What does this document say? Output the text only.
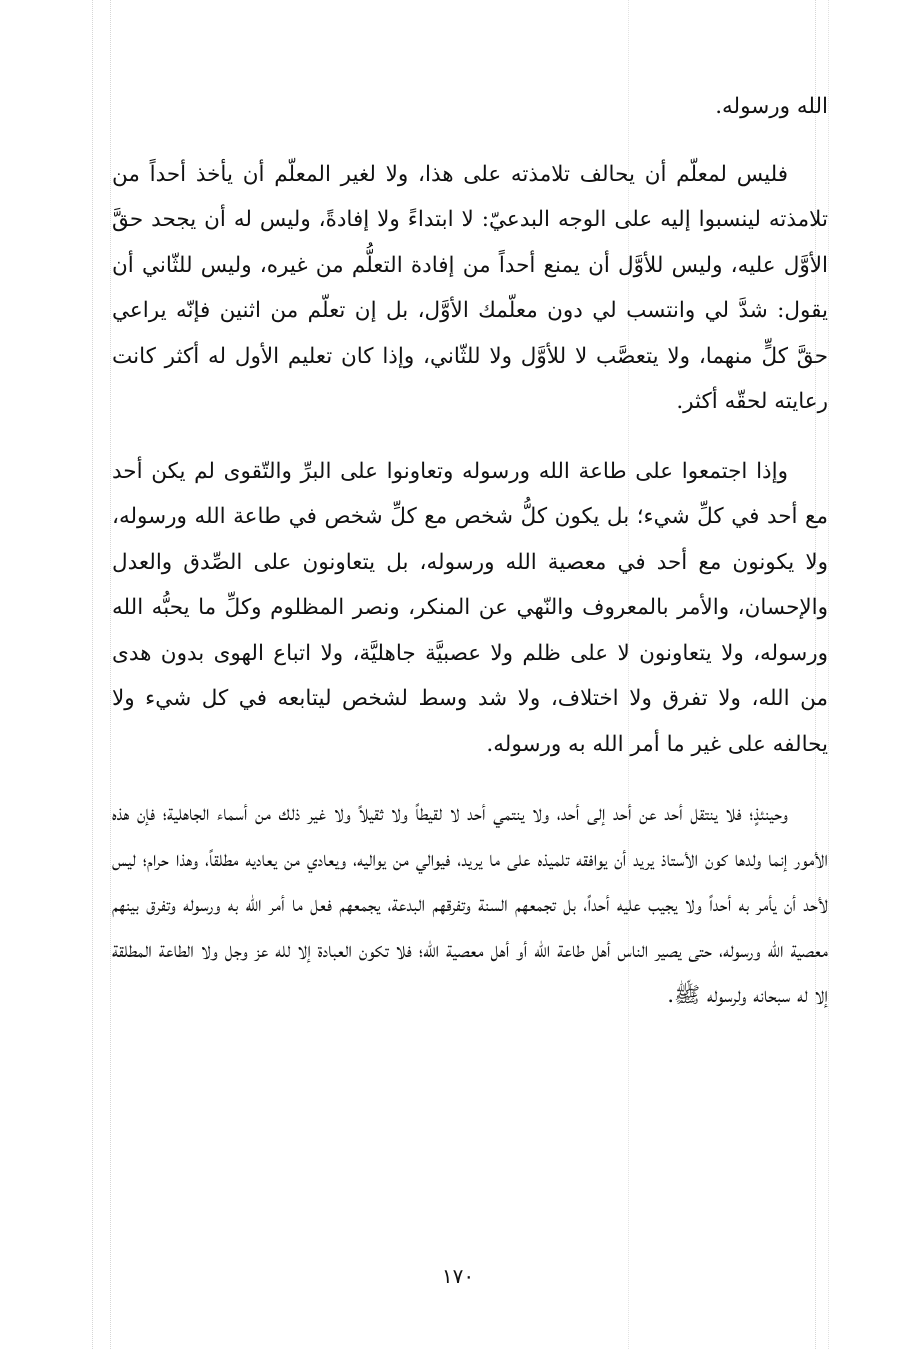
الله ورسوله.

فليس لمعلّم أن يحالف تلامذته على هذا، ولا لغير المعلّم أن يأخذ أحداً من تلامذته لينسبوا إليه على الوجه البدعيّ: لا ابتداءً ولا إفادةً، وليس له أن يجحد حقَّ الأوَّل عليه، وليس للأوَّل أن يمنع أحداً من إفادة التعلُّم من غيره، وليس للثّاني أن يقول: شدَّ لي وانتسب لي دون معلّمك الأوَّل، بل إن تعلّم من اثنين فإنّه يراعي حقَّ كلٍّ منهما، ولا يتعصَّب لا للأوَّل ولا للثّاني، وإذا كان تعليم الأول له أكثر كانت رعايته لحقّه أكثر.

وإذا اجتمعوا على طاعة الله ورسوله وتعاونوا على البرِّ والتّقوى لم يكن أحد مع أحد في كلِّ شيء؛ بل يكون كلُّ شخص مع كلِّ شخص في طاعة الله ورسوله، ولا يكونون مع أحد في معصية الله ورسوله، بل يتعاونون على الصِّدق والعدل والإحسان، والأمر بالمعروف والنّهي عن المنكر، ونصر المظلوم وكلِّ ما يحبُّه الله ورسوله، ولا يتعاونون لا على ظلم ولا عصبيَّة جاهليَّة، ولا اتباع الهوى بدون هدى من الله، ولا تفرق ولا اختلاف، ولا شد وسط لشخص ليتابعه في كل شيء ولا يحالفه على غير ما أمر الله به ورسوله.

وحينئذٍ؛ فلا ينتقل أحد عن أحد إلى أحد، ولا ينتمي أحد لا لقيطاً ولا ثقيلاً ولا غير ذلك من أسماء الجاهلية؛ فإن هذه الأمور إنما ولدها كون الأستاذ يريد أن يوافقه تلميذه على ما يريد، فيوالي من يواليه، ويعادي من يعاديه مطلقاً، وهذا حرام؛ ليس لأحد أن يأمر به أحداً ولا يجيب عليه أحداً، بل تجمعهم السنة وتفرقهم البدعة، يجمعهم فعل ما أمر الله به ورسوله وتفرق بينهم معصية الله ورسوله، حتى يصير الناس أهل طاعة الله أو أهل معصية الله؛ فلا تكون العبادة إلا لله عز وجل ولا الطاعة المطلقة إلا له سبحانه ولرسوله ﷺ.

١٧٠
